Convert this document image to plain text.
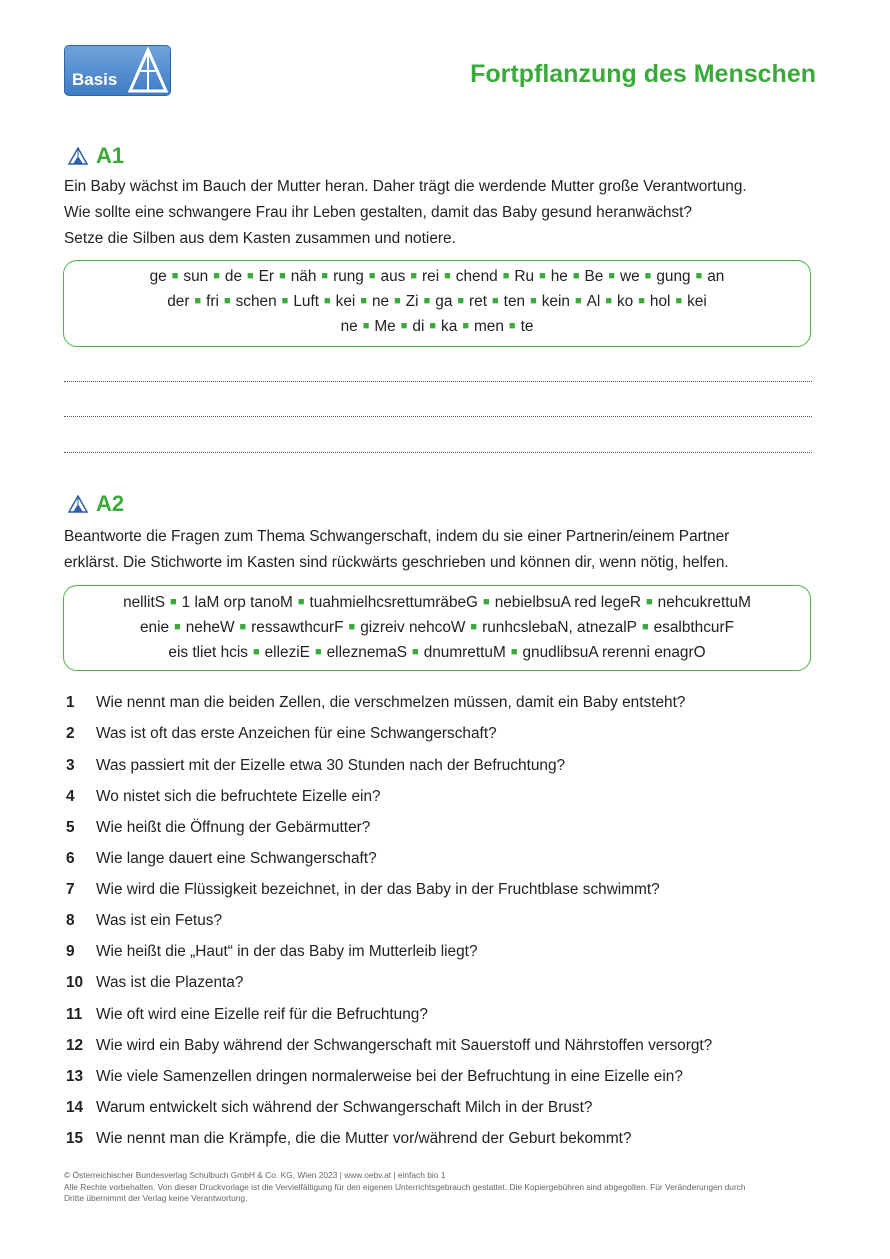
Basis	Fortpflanzung des Menschen
A1
Ein Baby wächst im Bauch der Mutter heran. Daher trägt die werdende Mutter große Verantwortung.
Wie sollte eine schwangere Frau ihr Leben gestalten, damit das Baby gesund heranwächst?
Setze die Silben aus dem Kasten zusammen und notiere.
ge ■ sun ■ de ■ Er ■ näh ■ rung ■ aus ■ rei ■ chend ■ Ru ■ he ■ Be ■ we ■ gung ■ an
der ■ fri ■ schen ■ Luft ■ kei ■ ne ■ Zi ■ ga ■ ret ■ ten ■ kein ■ Al ■ ko ■ hol ■ kei
ne ■ Me ■ di ■ ka ■ men ■ te
A2
Beantworte die Fragen zum Thema Schwangerschaft, indem du sie einer Partnerin/einem Partner
erklärst. Die Stichworte im Kasten sind rückwärts geschrieben und können dir, wenn nötig, helfen.
nellitS ■ 1 laM orp tanoM ■ tuahmielhcsrettumräbeG ■ nebielbsuA red legeR ■ nehcukrettuM
enie ■ neheW ■ ressawthcurF ■ gizreiv nehcoW ■ runhcslebaN, atnezalP ■ esalbthcurF
eis tliet hcis ■ elleziE ■ elleznemaS ■ dnumrettuM ■ gnudlibsuA rerenni enagrO
1 Wie nennt man die beiden Zellen, die verschmelzen müssen, damit ein Baby entsteht?
2 Was ist oft das erste Anzeichen für eine Schwangerschaft?
3 Was passiert mit der Eizelle etwa 30 Stunden nach der Befruchtung?
4 Wo nistet sich die befruchtete Eizelle ein?
5 Wie heißt die Öffnung der Gebärmutter?
6 Wie lange dauert eine Schwangerschaft?
7 Wie wird die Flüssigkeit bezeichnet, in der das Baby in der Fruchtblase schwimmt?
8 Was ist ein Fetus?
9 Wie heißt die „Haut“ in der das Baby im Mutterleib liegt?
10 Was ist die Plazenta?
11 Wie oft wird eine Eizelle reif für die Befruchtung?
12 Wie wird ein Baby während der Schwangerschaft mit Sauerstoff und Nährstoffen versorgt?
13 Wie viele Samenzellen dringen normalerweise bei der Befruchtung in eine Eizelle ein?
14 Warum entwickelt sich während der Schwangerschaft Milch in der Brust?
15 Wie nennt man die Krämpfe, die die Mutter vor/während der Geburt bekommt?
© Österreichischer Bundesverlag Schulbuch GmbH & Co. KG, Wien 2023 | www.oebv.at | einfach bio 1
Alle Rechte vorbehalten. Von dieser Druckvorlage ist die Vervielfältigung für den eigenen Unterrichtsgebrauch gestattet. Die Kopiergebühren sind abgegolten. Für Veränderungen durch
Dritte übernimmt der Verlag keine Verantwortung.
